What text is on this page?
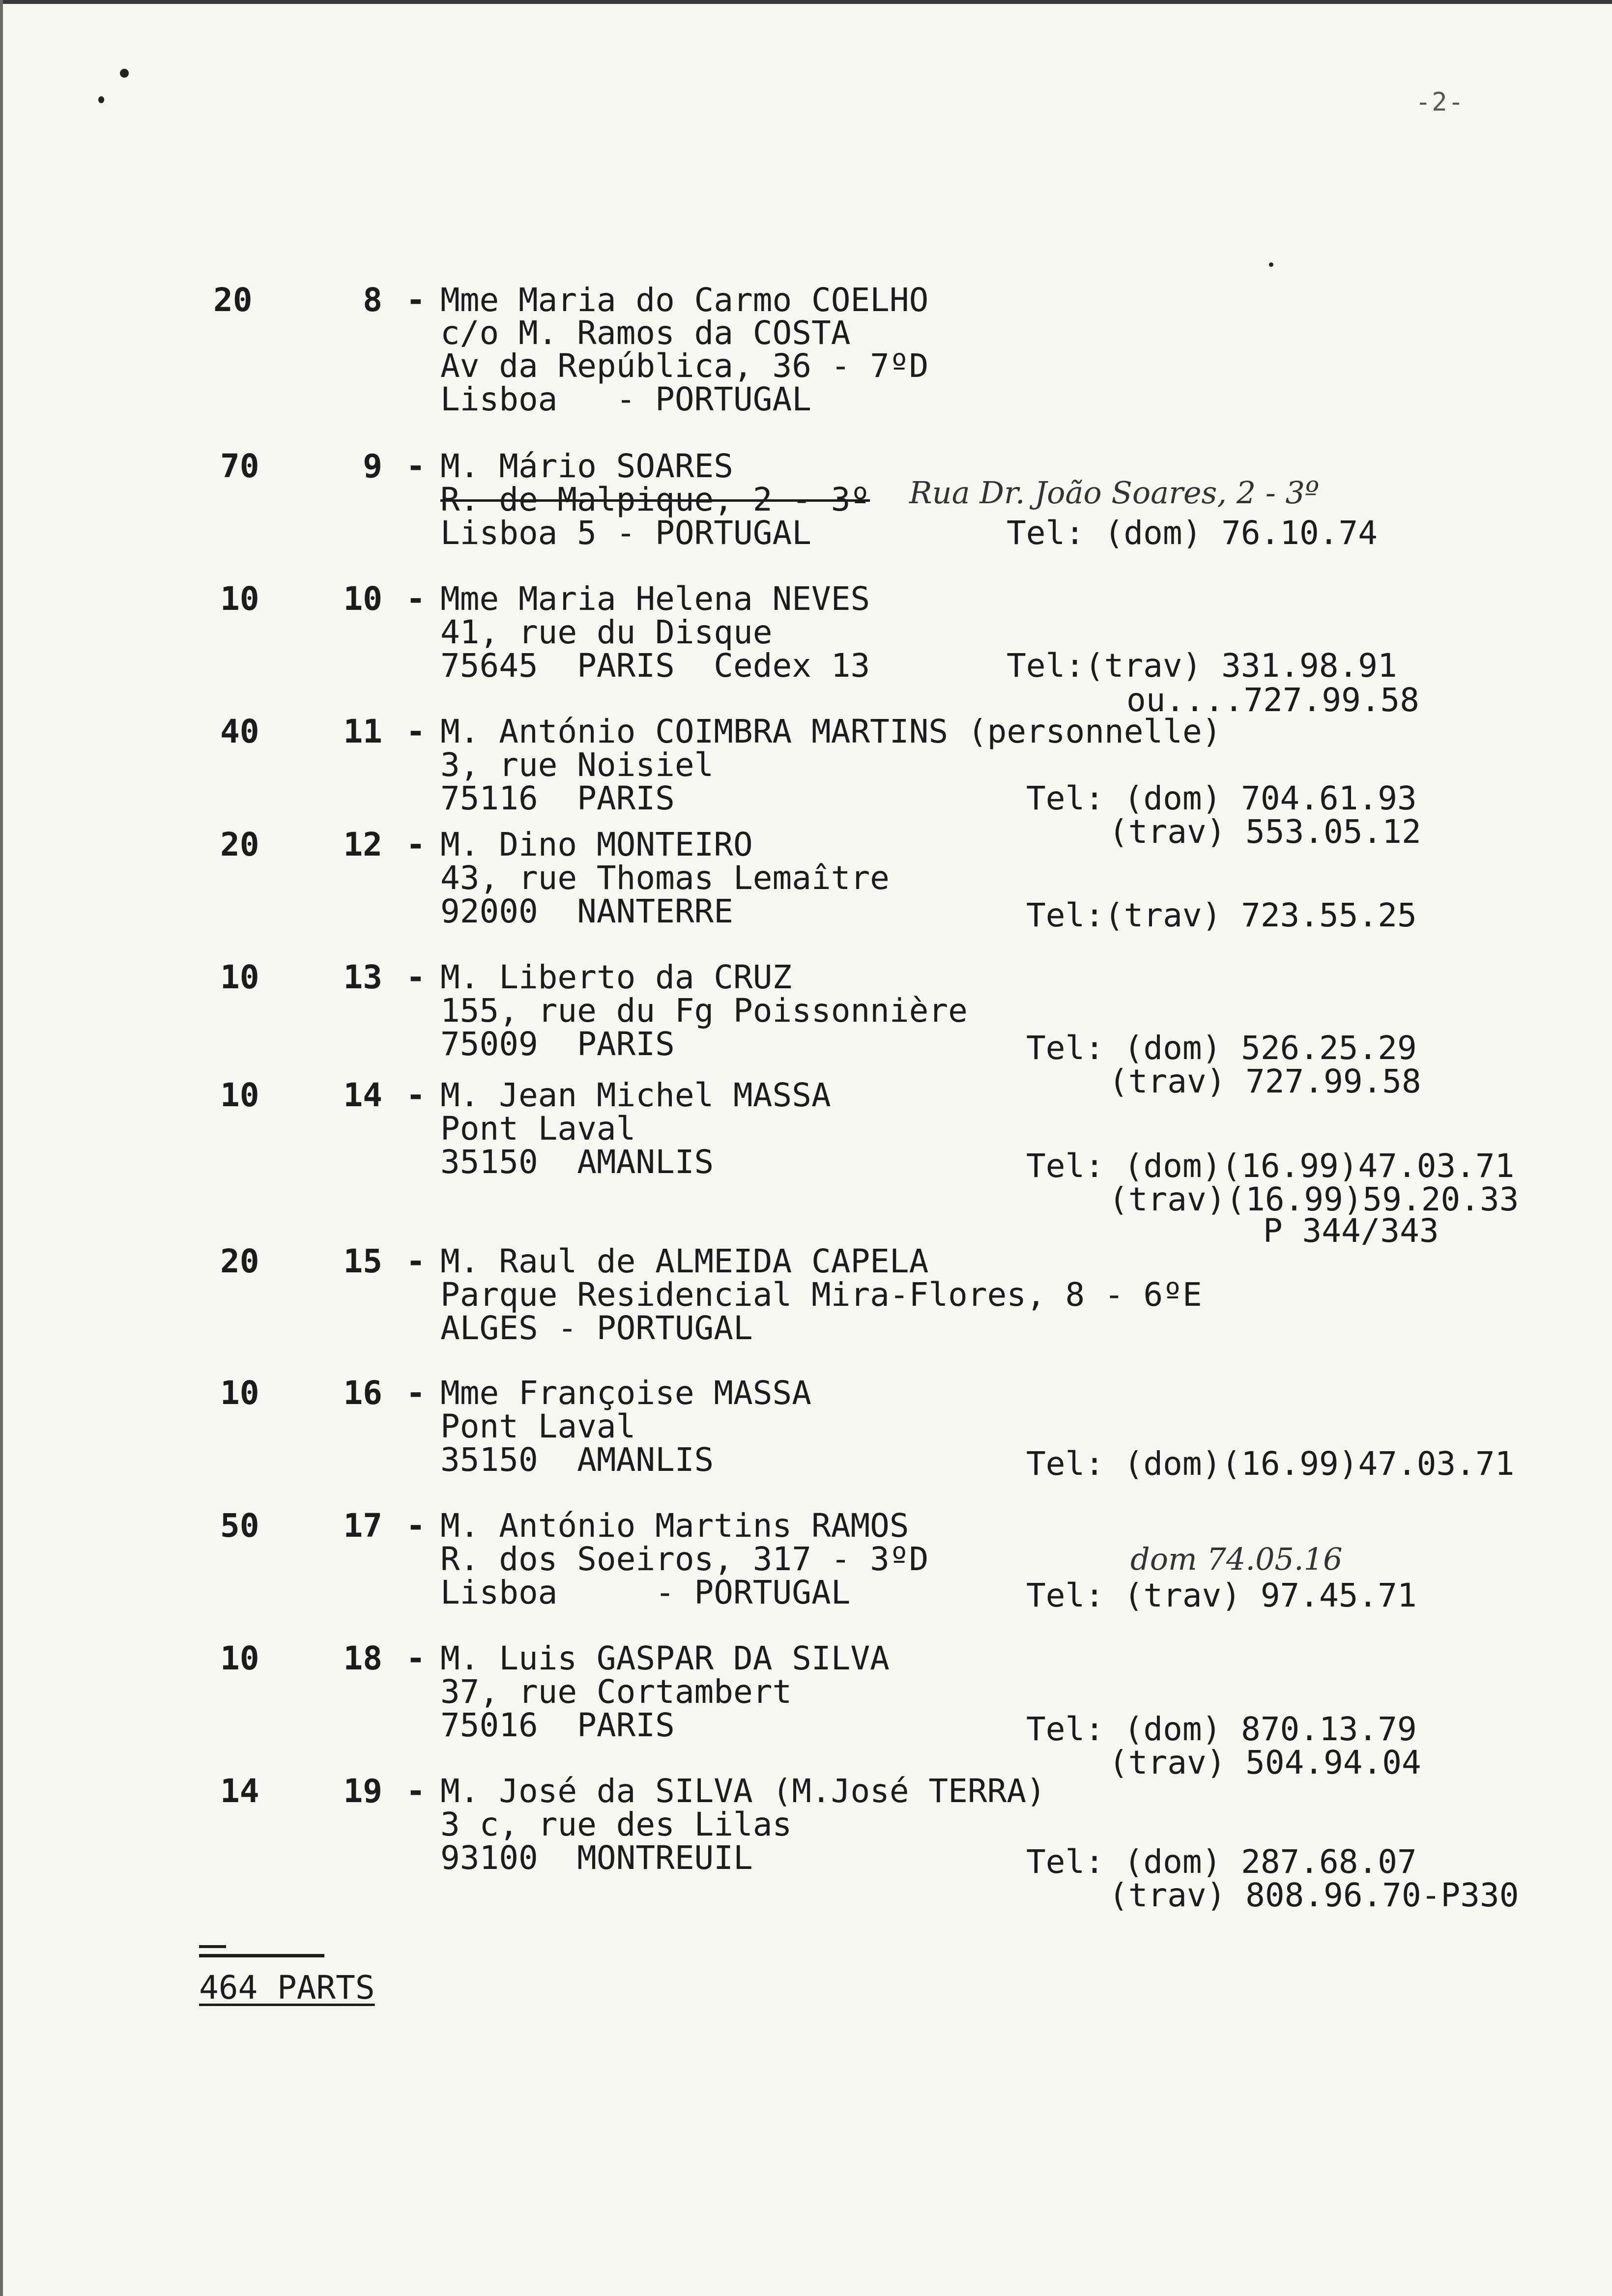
-2-
20	8 - Mme Maria do Carmo COELHO
c/o M. Ramos da COSTA
Av da República, 36 - 7ºD
Lisboa   - PORTUGAL
70	9 - M. Mário SOARES
R. de Malpique, 2 - 3º Rua Dr. João Soares, 2 - 3º
Lisboa 5 - PORTUGAL	Tel: (dom) 76.10.74
10	10 - Mme Maria Helena NEVES
41, rue du Disque
75645  PARIS  Cedex 13	Tel:(trav) 331.98.91
ou....727.99.58
40	11 - M. António COIMBRA MARTINS (personnelle)
3, rue Noisiel
75116  PARIS	Tel: (dom) 704.61.93
(trav) 553.05.12
20	12 - M. Dino MONTEIRO
43, rue Thomas Lemaître
92000  NANTERRE	Tel:(trav) 723.55.25
10	13 - M. Liberto da CRUZ
155, rue du Fg Poissonnière
75009  PARIS	Tel: (dom) 526.25.29
(trav) 727.99.58
10	14 - M. Jean Michel MASSA
Pont Laval
35150  AMANLIS	Tel: (dom)(16.99)47.03.71
(trav)(16.99)59.20.33
P 344/343
20	15 - M. Raul de ALMEIDA CAPELA
Parque Residencial Mira-Flores, 8 - 6ºE
ALGES - PORTUGAL
10	16 - Mme Françoise MASSA
Pont Laval
35150  AMANLIS	Tel: (dom)(16.99)47.03.71
50	17 - M. António Martins RAMOS
R. dos Soeiros, 317 - 3ºD	dom 74.05.16
Lisboa     - PORTUGAL	Tel: (trav) 97.45.71
10	18 - M. Luis GASPAR DA SILVA
37, rue Cortambert
75016  PARIS	Tel: (dom) 870.13.79
(trav) 504.94.04
14	19 - M. José da SILVA (M.José TERRA)
3 c, rue des Lilas
93100  MONTREUIL	Tel: (dom) 287.68.07
(trav) 808.96.70-P330
464 PARTS
